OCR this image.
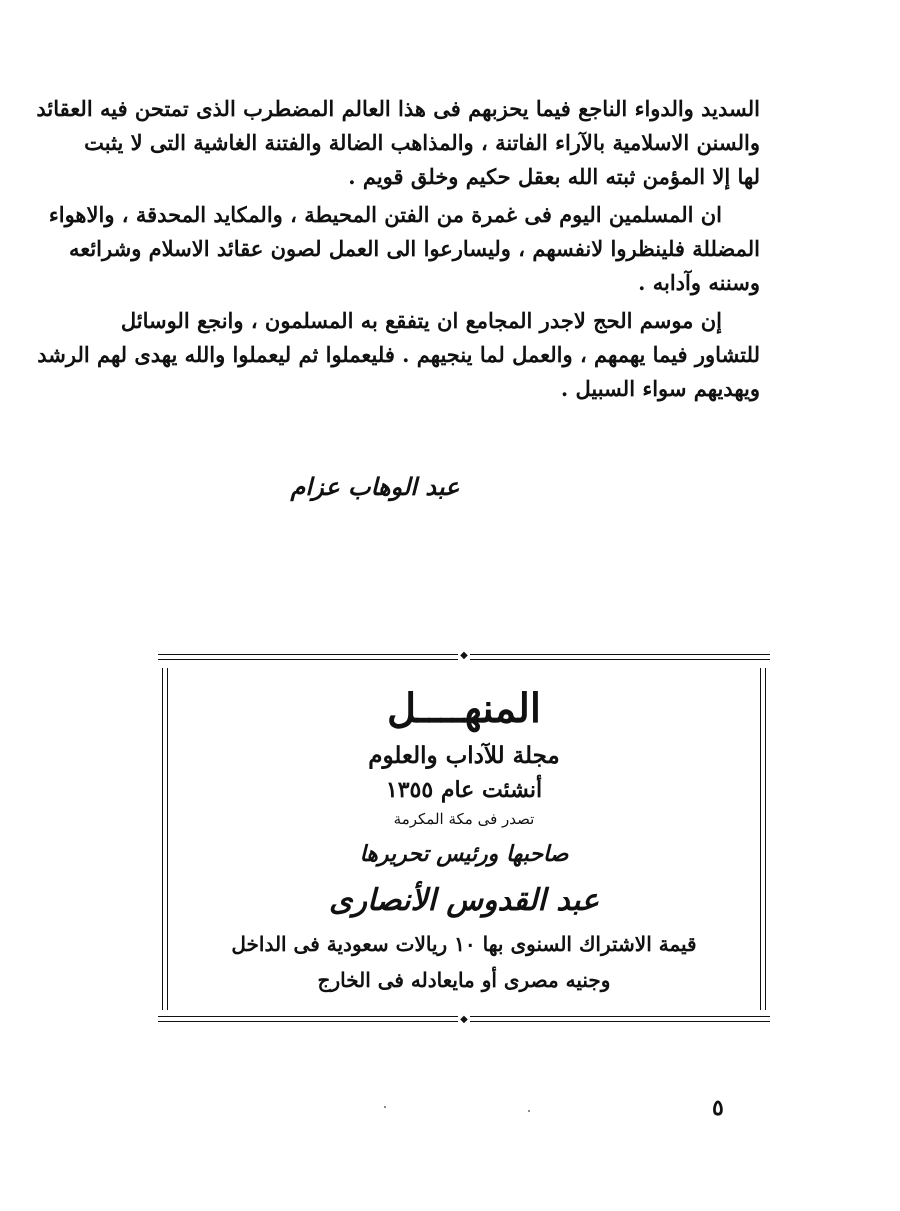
السديد والدواء الناجع فيما يحزبهم فى هذا العالم المضطرب الذى تمتحن فيه العقائد
والسنن الاسلامية بالآراء الفاتنة ، والمذاهب الضالة والفتنة الغاشية التى لا يثبت
لها إلا المؤمن ثبته الله بعقل حكيم وخلق قويم .
ان المسلمين اليوم فى غمرة من الفتن المحيطة ، والمكايد المحدقة ، والاهواء
المضللة فلينظروا لانفسهم ، وليسارعوا الى العمل لصون عقائد الاسلام وشرائعه
وسننه وآدابه .
إن موسم الحج لاجدر المجامع ان يتفقع به المسلمون ، وانجع الوسائل
للتشاور فيما يهمهم ، والعمل لما ينجيهم . فليعملوا ثم ليعملوا والله يهدى لهم الرشد
ويهديهم سواء السبيل .
عبد الوهاب عزام
◆
◆
المنهــــل
مجلة للآداب والعلوم
أنشئت عام ١٣٥٥
تصدر فى مكة المكرمة
صاحبها ورئيس تحريرها
عبد القدوس الأنصارى
قيمة الاشتراك السنوى بها ١٠ ريالات سعودية فى الداخل
وجنيه مصرى أو مايعادله فى الخارج
٥
